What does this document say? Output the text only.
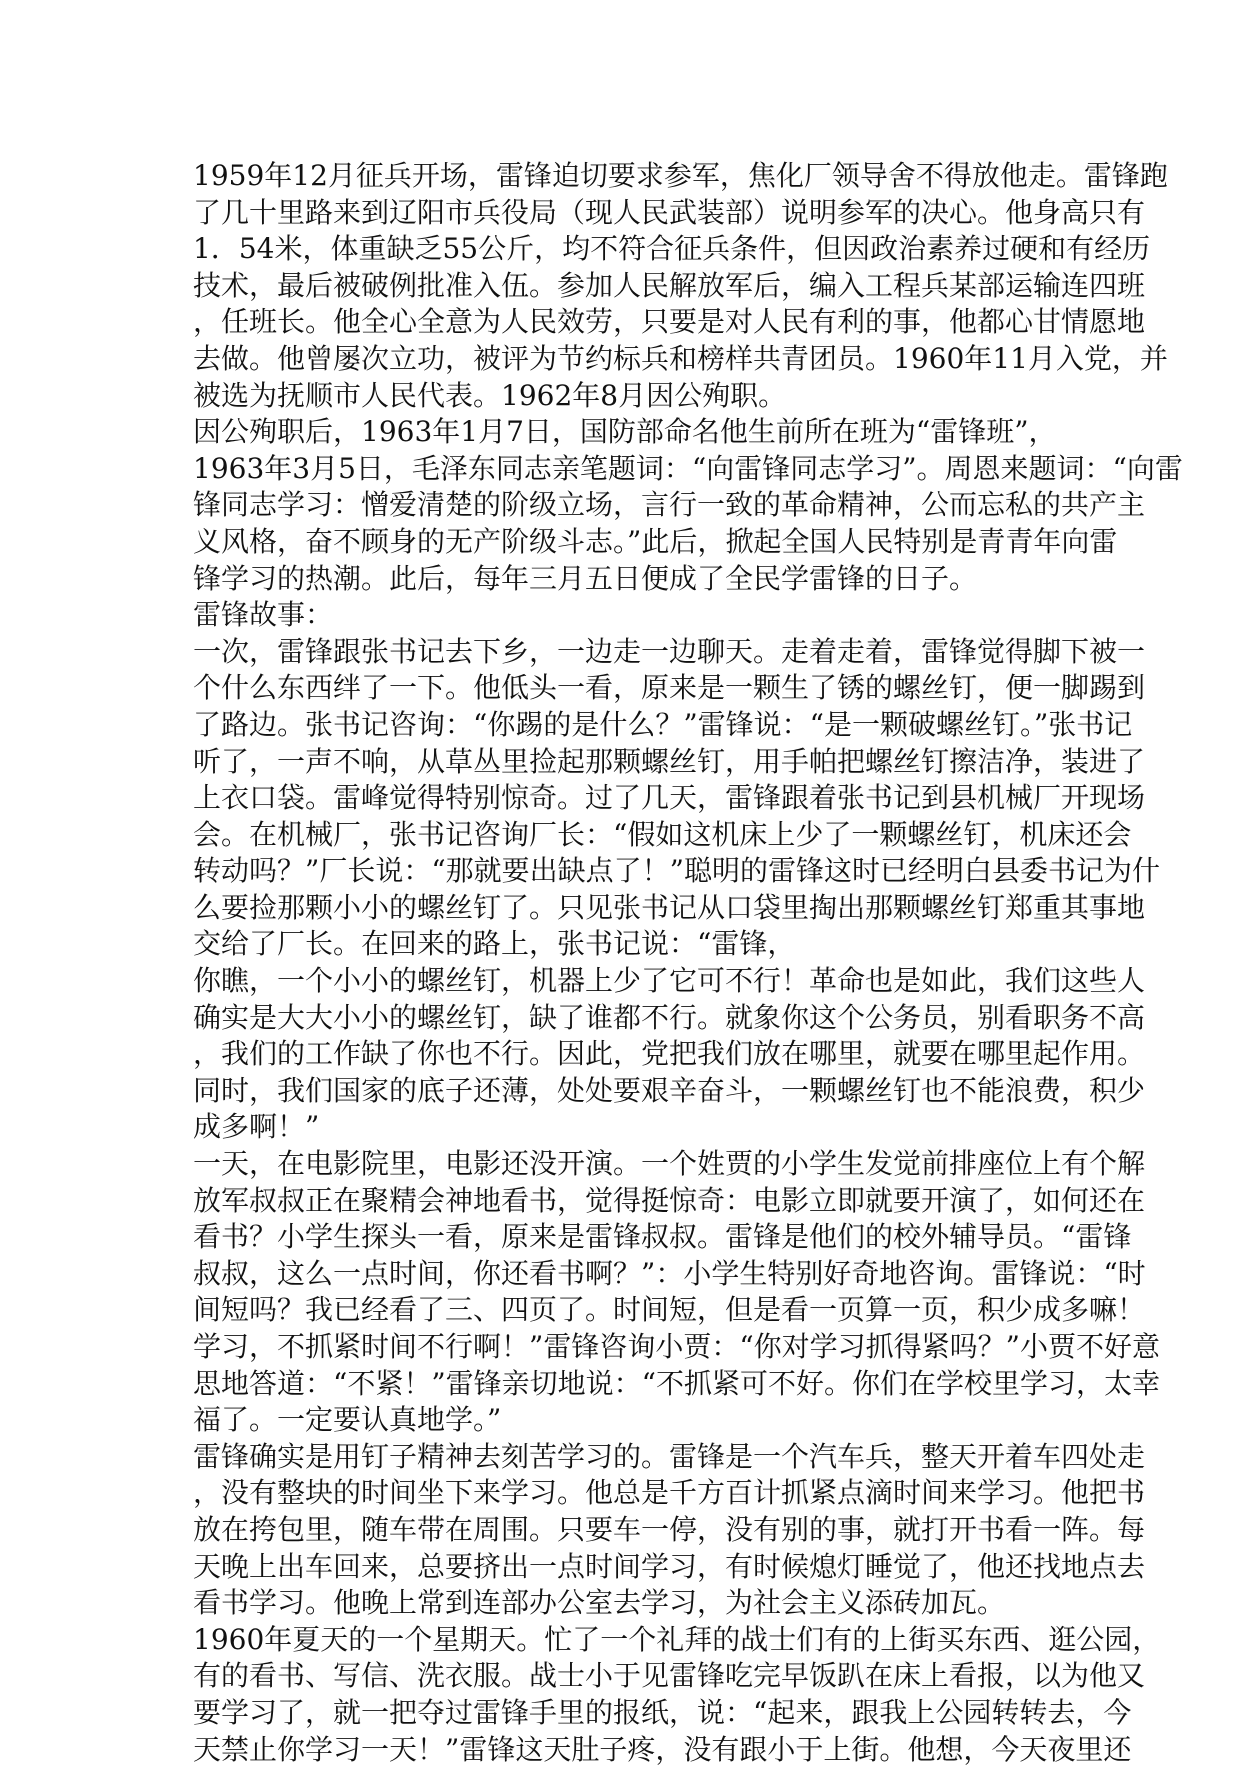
1959年12月征兵开场，雷锋迫切要求参军，焦化厂领导舍不得放他走。雷锋跑
了几十里路来到辽阳市兵役局（现人民武装部）说明参军的决心。他身高只有
1．54米，体重缺乏55公斤，均不符合征兵条件，但因政治素养过硬和有经历
技术，最后被破例批准入伍。参加人民解放军后，编入工程兵某部运输连四班
，任班长。他全心全意为人民效劳，只要是对人民有利的事，他都心甘情愿地
去做。他曾屡次立功，被评为节约标兵和榜样共青团员。1960年11月入党，并
被选为抚顺市人民代表。1962年8月因公殉职。
因公殉职后，1963年1月7日，国防部命名他生前所在班为“雷锋班”，
1963年3月5日，毛泽东同志亲笔题词：“向雷锋同志学习”。周恩来题词：“向雷
锋同志学习：憎爱清楚的阶级立场，言行一致的革命精神，公而忘私的共产主
义风格，奋不顾身的无产阶级斗志。”此后，掀起全国人民特别是青青年向雷
锋学习的热潮。此后，每年三月五日便成了全民学雷锋的日子。
雷锋故事：
一次，雷锋跟张书记去下乡，一边走一边聊天。走着走着，雷锋觉得脚下被一
个什么东西绊了一下。他低头一看，原来是一颗生了锈的螺丝钉，便一脚踢到
了路边。张书记咨询：“你踢的是什么？”雷锋说：“是一颗破螺丝钉。”张书记
听了，一声不响，从草丛里捡起那颗螺丝钉，用手帕把螺丝钉擦洁净，装进了
上衣口袋。雷峰觉得特别惊奇。过了几天，雷锋跟着张书记到县机械厂开现场
会。在机械厂，张书记咨询厂长：“假如这机床上少了一颗螺丝钉，机床还会
转动吗？”厂长说：“那就要出缺点了！”聪明的雷锋这时已经明白县委书记为什
么要捡那颗小小的螺丝钉了。只见张书记从口袋里掏出那颗螺丝钉郑重其事地
交给了厂长。在回来的路上，张书记说：“雷锋，
你瞧，一个小小的螺丝钉，机器上少了它可不行！革命也是如此，我们这些人
确实是大大小小的螺丝钉，缺了谁都不行。就象你这个公务员，别看职务不高
，我们的工作缺了你也不行。因此，党把我们放在哪里，就要在哪里起作用。
同时，我们国家的底子还薄，处处要艰辛奋斗，一颗螺丝钉也不能浪费，积少
成多啊！”
一天，在电影院里，电影还没开演。一个姓贾的小学生发觉前排座位上有个解
放军叔叔正在聚精会神地看书，觉得挺惊奇：电影立即就要开演了，如何还在
看书？小学生探头一看，原来是雷锋叔叔。雷锋是他们的校外辅导员。“雷锋
叔叔，这么一点时间，你还看书啊？”：小学生特别好奇地咨询。雷锋说：“时
间短吗？我已经看了三、四页了。时间短，但是看一页算一页，积少成多嘛！
学习，不抓紧时间不行啊！”雷锋咨询小贾：“你对学习抓得紧吗？”小贾不好意
思地答道：“不紧！”雷锋亲切地说：“不抓紧可不好。你们在学校里学习，太幸
福了。一定要认真地学。”
雷锋确实是用钉子精神去刻苦学习的。雷锋是一个汽车兵，整天开着车四处走
，没有整块的时间坐下来学习。他总是千方百计抓紧点滴时间来学习。他把书
放在挎包里，随车带在周围。只要车一停，没有别的事，就打开书看一阵。每
天晚上出车回来，总要挤出一点时间学习，有时候熄灯睡觉了，他还找地点去
看书学习。他晚上常到连部办公室去学习，为社会主义添砖加瓦。
1960年夏天的一个星期天。忙了一个礼拜的战士们有的上街买东西、逛公园，
有的看书、写信、洗衣服。战士小于见雷锋吃完早饭趴在床上看报，以为他又
要学习了，就一把夺过雷锋手里的报纸，说：“起来，跟我上公园转转去，今
天禁止你学习一天！”雷锋这天肚子疼，没有跟小于上街。他想，今天夜里还
